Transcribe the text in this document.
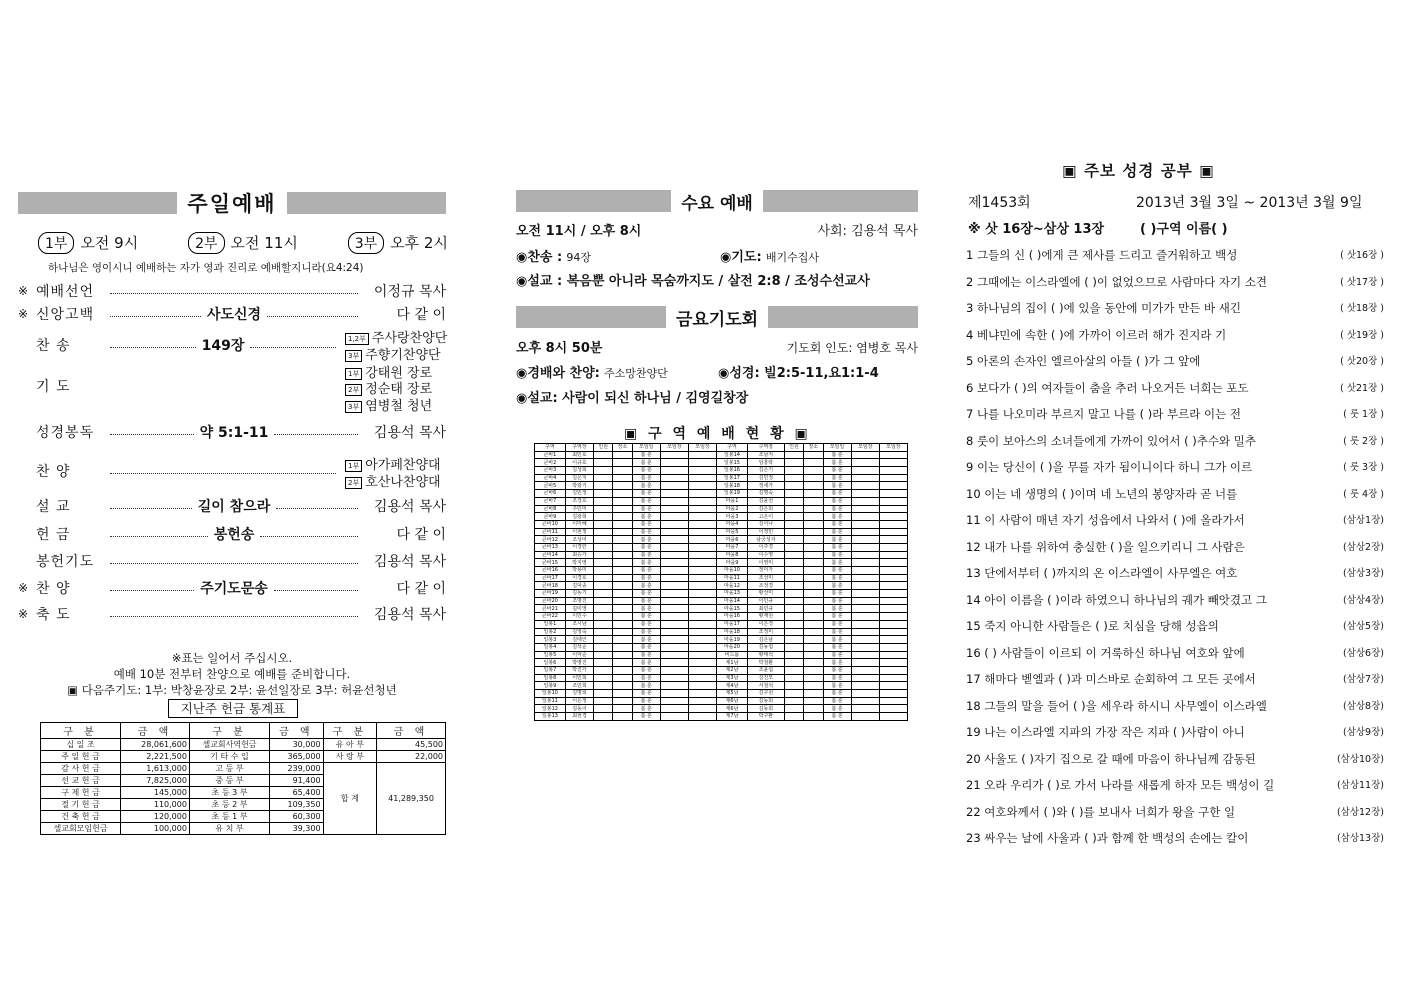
주일예배
1부 오전 9시	2부 오전 11시	3부 오후 2시
하나님은 영이시니 예배하는 자가 영과 진리로 예배할지니라(요4:24)
※ 예배선언	이정규 목사
※ 신앙고백	사도신경	다 같 이
찬 송	149장	1,2부 주사랑찬양단
3부 주향기찬양단
기 도
1부 강태원 장로
2부 정순태 장로
3부 염병철 청년
성경봉독	약 5:1-11	김용석 목사
찬 양	1부 아가페찬양대
2부 호산나찬양대
설 교	길이 참으라	김용석 목사
헌 금	봉헌송	다 같 이
봉헌기도	김용석 목사
※ 찬 양	주기도문송	다 같 이
※ 축 도	김용석 목사
※표는 일어서 주십시오.
예배 10분 전부터 찬양으로 예배를 준비합니다.
▣ 다음주기도: 1부: 박창윤장로 2부: 윤선일장로 3부: 허윤선청년
지난주 헌금 통계표
구 분	금 액	구 분	금 액	구 분	금 액
십 일 조	28,061,600	셀교회사역헌금	30,000	유 아 부	45,500
주 일 헌 금	2,221,500	기 타 수 입	365,000	사 랑 부	22,000
감 사 헌 금	1,613,000	고 등 부	239,000	합 계	41,289,350
선 교 헌 금	7,825,000	중 등 부	91,400		
구 제 헌 금	145,000	초 등 3 부	65,400		
절 기 헌 금	110,000	초 등 2 부	109,350		
건 축 헌 금	120,000	초 등 1 부	60,300		
셀교회모임헌금	100,000	유 치 부	39,300		
수요 예배
오전 11시 / 오후 8시	사회: 김용석 목사
◉찬송 : 94장	◉기도: 배기수집사
◉설교 : 복음뿐 아니라 목숨까지도 / 살전 2:8 / 조성수선교사
금요기도회
오후 8시 50분	기도회 인도: 염병호 목사
◉경배와 찬양: 주소망찬양단	◉성경: 빌2:5-11,요1:1-4
◉설교: 사람이 되신 하나님 / 김영길창장
▣ 구 역 예 배 현 황 ▣
구역	구역장	인원	장소	모임일	모임장	모임장	구역	구역장	인원	장소	모임일	모임장	모임장
큰바1	최민호			봄 훈			일봉14	조남지			봄 훈		
큰바2	이규호			봄 훈			일봉15	임흥락			봄 훈		
큰바3	김성희			봄 훈			일봉16	김은기			봄 훈		
큰바4	김은지			봄 훈			일봉17	김민정			봄 훈		
큰바5	박광기			봄 훈			일봉18	정세가			봄 훈		
큰바6	김민정			봄 훈			일봉19	김명숙			봄 훈		
큰바7	조경호			봄 훈			마을1	김윤선			봄 훈		
큰바8	주민미			봄 훈			마을2	김은희			봄 훈		
큰바9	김광희			봄 훈			마을3	고은이			봄 훈		
큰바10	이미혜			봄 훈			마을4	김이나			봄 훈		
큰바11	이현정			봄 훈			마을5	이정민			봄 훈		
큰바12	조성미			봄 훈			마을6	남궁성자			봄 훈		
큰바13	이경란			봄 훈			마을7	이주경			봄 훈		
큰바14	최승가			봄 훈			마을8	이수영			봄 훈		
큰바15	박지영			봄 훈			마을9	이영미			봄 훈		
큰바16	박용미			봄 훈			마을10	정미가			봄 훈		
큰바17	이경호			봄 훈			마을11	조성미			봄 훈		
큰바18	김덕종			봄 훈			마을12	조정경			봄 훈		
큰바19	김동기			봄 훈			마을13	황선미			봄 훈		
큰바20	조명진			봄 훈			마을14	이민규			봄 훈		
큰바21	김미영			봄 훈			마을15	최민규			봄 훈		
큰바22	이민수			봄 훈			마을16	황재원			봄 훈		
일봉1	조시남			봄 훈			마을17	이은경			봄 훈		
일봉2	김영숙			봄 훈			마을18	조정미			봄 훈		
일봉3	김태인			봄 훈			마을19	김은남			봄 훈		
일봉4	김석순			봄 훈			마을20	김동섭			봄 훈		
일봉5	이덕순			봄 훈			비드롬	황태석			봄 훈		
일봉6	박명진			봄 훈			제1남	박철환			봄 훈		
일봉7	박진가			봄 훈			제2남	조윤섭			봄 훈		
일봉8	이민희			봄 훈			제3남	김진모			봄 훈		
일봉9	조민희			봄 훈			제4남	서철석			봄 훈		
일봉10	김명희			봄 훈			제5남	김구원			봄 훈		
일봉11	이은정			봄 훈			제6남	김동희			봄 훈		
일봉12	김동이			봄 훈			제6남	김동희			봄 훈		
일봉13	최현경			봄 훈			제7남	박구환			봄 훈		
▣ 주보 성경 공부 ▣
제1453회	2013년 3월 3일 ~ 2013년 3월 9일
※ 삿 16장~삼상 13장	( )구역 이름( )
1 그들의 신 ( )에게 큰 제사를 드리고 즐거워하고 백성	( 삿16장 )
2 그때에는 이스라엘에 ( )이 없었으므로 사람마다 자기 소견	( 삿17장 )
3 하나님의 집이 ( )에 있을 동안에 미가가 만든 바 새긴	( 삿18장 )
4 베냐민에 속한 ( )에 가까이 이르러 해가 진지라 기	( 삿19장 )
5 아론의 손자인 엘르아살의 아들 ( )가 그 앞에	( 삿20장 )
6 보다가 ( )의 여자들이 춤을 추러 나오거든 너희는 포도	( 삿21장 )
7 나를 나오미라 부르지 말고 나를 ( )라 부르라 이는 전	( 룻 1장 )
8 룻이 보아스의 소녀들에게 가까이 있어서 ( )추수와 밀추	( 룻 2장 )
9 이는 당신이 ( )을 무를 자가 됨이니이다 하니 그가 이르	( 룻 3장 )
10 이는 네 생명의 ( )이며 네 노년의 봉양자라 곧 너를	( 룻 4장 )
11 이 사람이 매년 자기 성읍에서 나와서 ( )에 올라가서	(삼상1장)
12 내가 나를 위하여 충실한 ( )을 일으키리니 그 사람은	(삼상2장)
13 단에서부터 ( )까지의 온 이스라엘이 사무엘은 여호	(삼상3장)
14 아이 이름을 ( )이라 하였으니 하나님의 궤가 빼앗겼고 그	(삼상4장)
15 죽지 아니한 사람들은 ( )로 치심을 당해 성읍의	(삼상5장)
16 ( ) 사람들이 이르되 이 거룩하신 하나님 여호와 앞에	(삼상6장)
17 해마다 벧엘과 ( )과 미스바로 순회하여 그 모든 곳에서	(삼상7장)
18 그들의 말을 들어 ( )을 세우라 하시니 사무엘이 이스라엘	(삼상8장)
19 나는 이스라엘 지파의 가장 작은 지파 ( )사람이 아니	(삼상9장)
20 사울도 ( )자기 집으로 갈 때에 마음이 하나님께 감동된	(삼상10장)
21 오라 우리가 ( )로 가서 나라를 새롭게 하자 모든 백성이 길	(삼상11장)
22 여호와께서 ( )와 ( )를 보내사 너희가 왕을 구한 일	(삼상12장)
23 싸우는 날에 사울과 ( )과 함께 한 백성의 손에는 칼이	(삼상13장)
